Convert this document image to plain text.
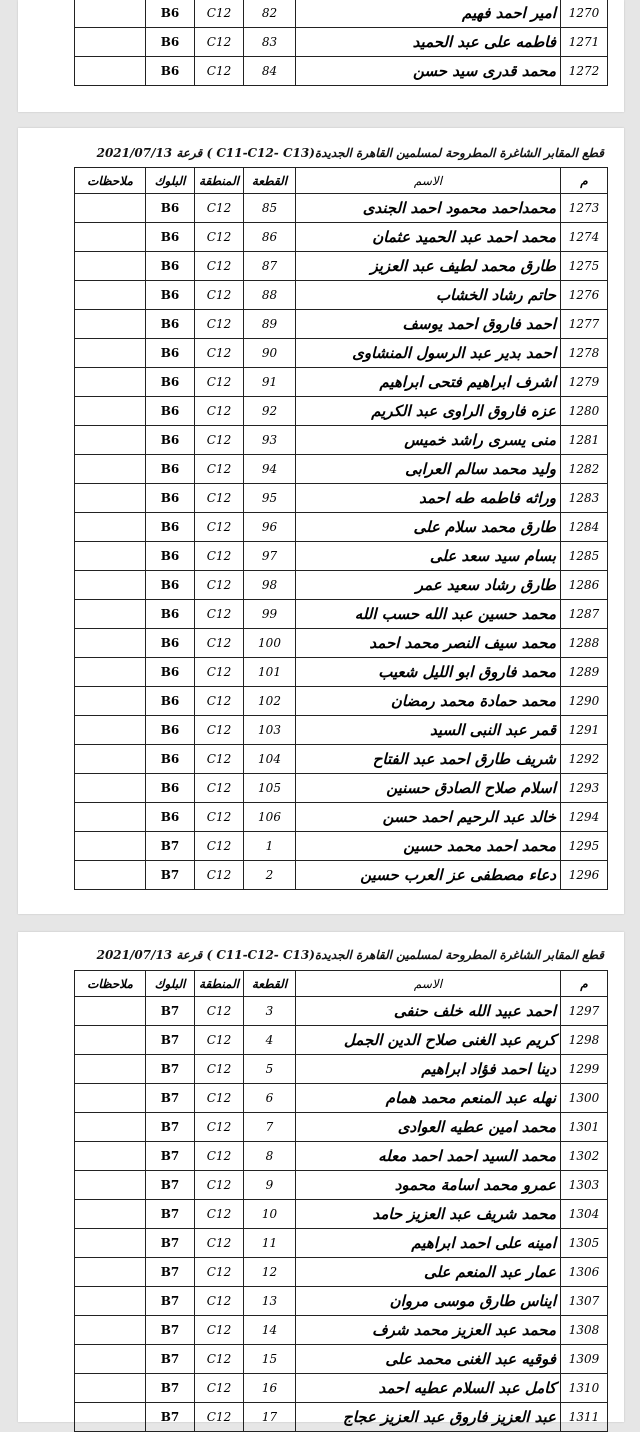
1270	امير احمد فهيم	82	C12	B6	
1271	فاطمه على عبد الحميد	83	C12	B6	
1272	محمد قدرى سيد حسن	84	C12	B6	
قطع المقابر الشاغرة المطروحة لمسلمين القاهرة الجديدة(C11-C12- C13 ) قرعة 2021/07/13
م	الاسم	القطعة	المنطقة	البلوك	ملاحظات
1273	محمداحمد محمود احمد الجندى	85	C12	B6	
1274	محمد احمد عبد الحميد عثمان	86	C12	B6	
1275	طارق محمد لطيف عبد العزيز	87	C12	B6	
1276	حاتم رشاد الخشاب	88	C12	B6	
1277	احمد فاروق احمد يوسف	89	C12	B6	
1278	احمد بدير عبد الرسول المنشاوى	90	C12	B6	
1279	اشرف ابراهيم فتحى ابراهيم	91	C12	B6	
1280	عزه فاروق الراوى عبد الكريم	92	C12	B6	
1281	منى يسرى راشد خميس	93	C12	B6	
1282	وليد محمد سالم العرابى	94	C12	B6	
1283	وراثه فاطمه طه احمد	95	C12	B6	
1284	طارق محمد سلام على	96	C12	B6	
1285	بسام سيد سعد على	97	C12	B6	
1286	طارق رشاد سعيد عمر	98	C12	B6	
1287	محمد حسين عبد الله حسب الله	99	C12	B6	
1288	محمد سيف النصر محمد احمد	100	C12	B6	
1289	محمد فاروق ابو الليل شعيب	101	C12	B6	
1290	محمد حمادة محمد رمضان	102	C12	B6	
1291	قمر عبد النبى السيد	103	C12	B6	
1292	شريف طارق احمد عبد الفتاح	104	C12	B6	
1293	اسلام صلاح الصادق حسنين	105	C12	B6	
1294	خالد عبد الرحيم احمد حسن	106	C12	B6	
1295	محمد احمد محمد حسين	1	C12	B7	
1296	دعاء مصطفى عز العرب حسين	2	C12	B7	
قطع المقابر الشاغرة المطروحة لمسلمين القاهرة الجديدة(C11-C12- C13 ) قرعة 2021/07/13
م	الاسم	القطعة	المنطقة	البلوك	ملاحظات
1297	احمد عبيد الله خلف حنفى	3	C12	B7	
1298	كريم عبد الغنى صلاح الدين الجمل	4	C12	B7	
1299	دينا احمد فؤاد ابراهيم	5	C12	B7	
1300	نهله عبد المنعم محمد همام	6	C12	B7	
1301	محمد امين عطيه العوادى	7	C12	B7	
1302	محمد السيد احمد احمد معله	8	C12	B7	
1303	عمرو محمد اسامة محمود	9	C12	B7	
1304	محمد شريف عبد العزيز حامد	10	C12	B7	
1305	امينه على احمد ابراهيم	11	C12	B7	
1306	عمار عبد المنعم على	12	C12	B7	
1307	ايناس طارق موسى مروان	13	C12	B7	
1308	محمد عبد العزيز محمد شرف	14	C12	B7	
1309	فوقيه عبد الغنى محمد على	15	C12	B7	
1310	كامل عبد السلام عطيه احمد	16	C12	B7	
1311	عبد العزيز فاروق عبد العزيز عجاج	17	C12	B7	
